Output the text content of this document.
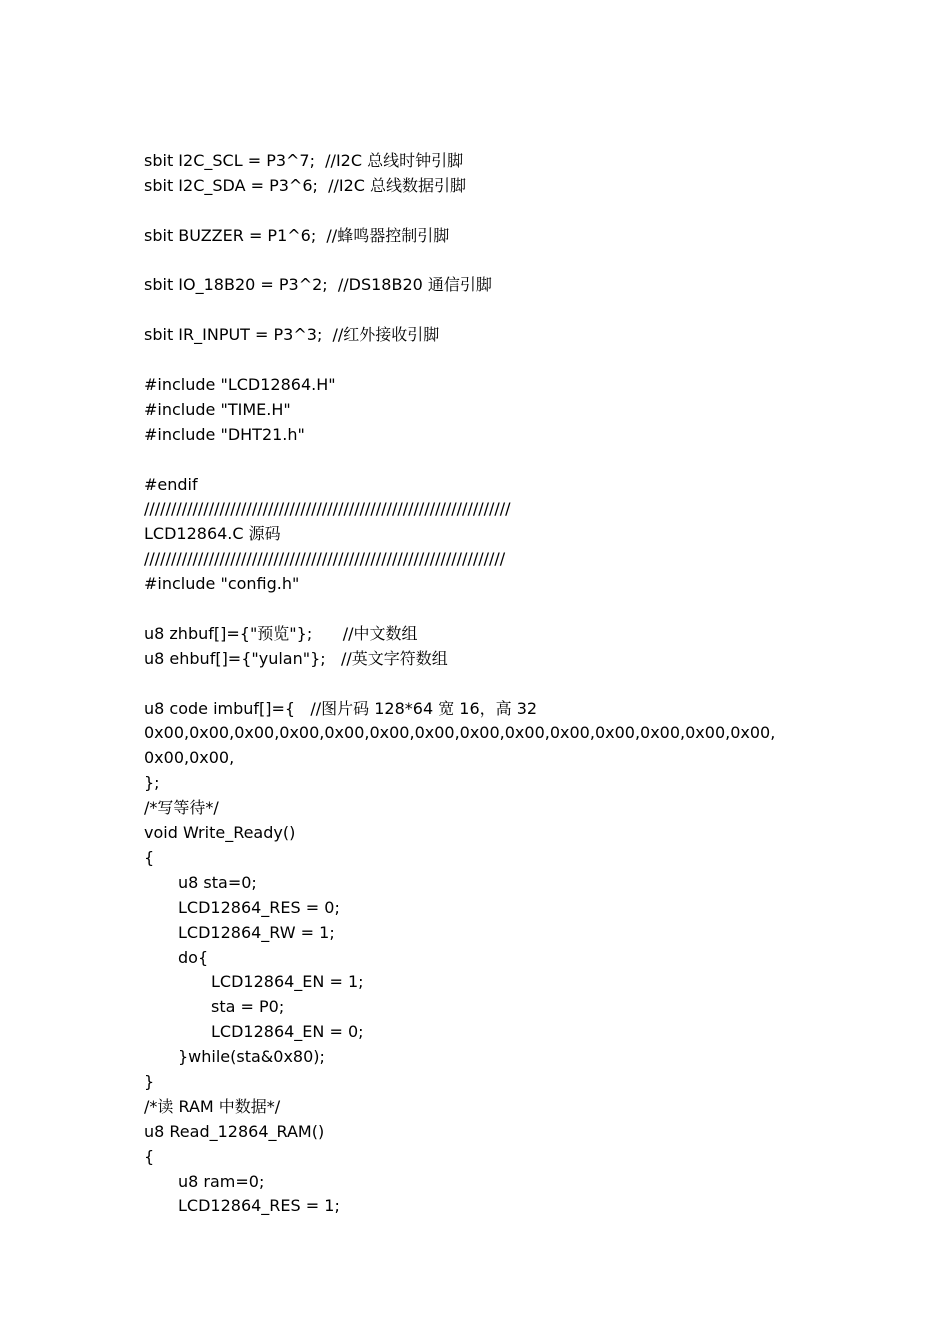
sbit I2C_SCL = P3^7;  //I2C 总线时钟引脚
sbit I2C_SDA = P3^6;  //I2C 总线数据引脚
sbit BUZZER = P1^6;  //蜂鸣器控制引脚
sbit IO_18B20 = P3^2;  //DS18B20 通信引脚
sbit IR_INPUT = P3^3;  //红外接收引脚
#include "LCD12864.H"
#include "TIME.H"
#include "DHT21.h"
#endif
////////////////////////////////////////////////////////////////////
LCD12864.C 源码
///////////////////////////////////////////////////////////////////
#include "config.h"
u8 zhbuf[]={"预览"};      //中文数组
u8 ehbuf[]={"yulan"};   //英文字符数组
u8 code imbuf[]={   //图片码 128*64 宽 16，高 32
0x00,0x00,0x00,0x00,0x00,0x00,0x00,0x00,0x00,0x00,0x00,0x00,0x00,0x00,
0x00,0x00,
};
/*写等待*/
void Write_Ready()
{
u8 sta=0;
LCD12864_RES = 0;
LCD12864_RW = 1;
do{
LCD12864_EN = 1;
sta = P0;
LCD12864_EN = 0;
}while(sta&0x80);
}
/*读 RAM 中数据*/
u8 Read_12864_RAM()
{
u8 ram=0;
LCD12864_RES = 1;
